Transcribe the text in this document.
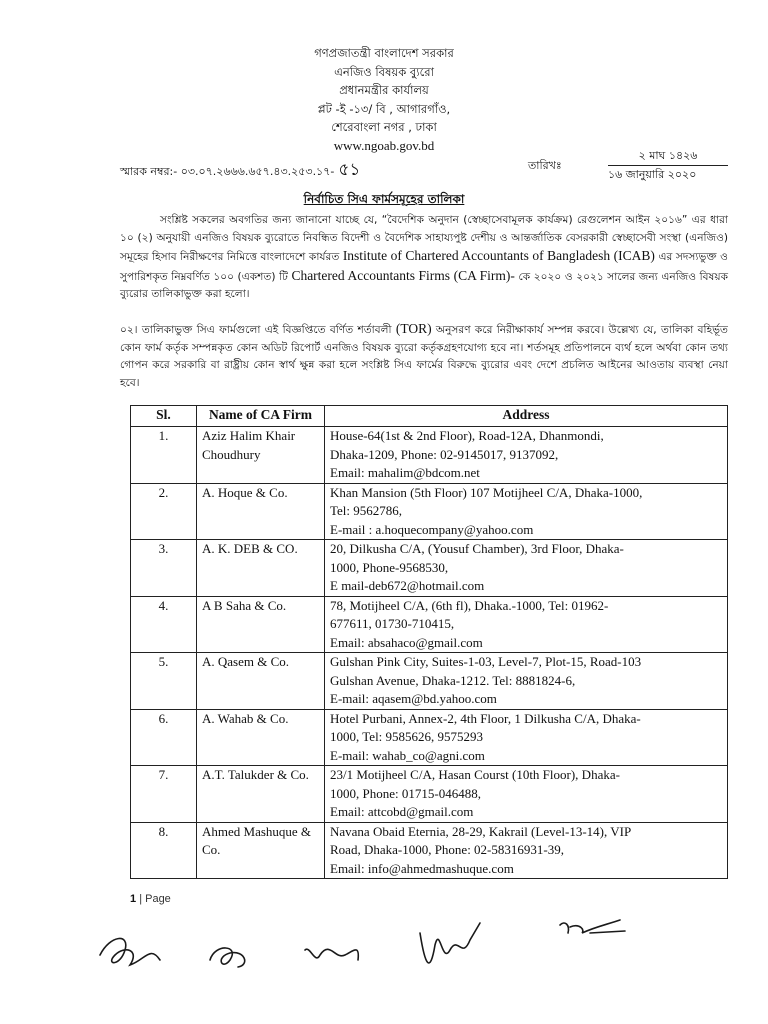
গণপ্রজাতন্ত্রী বাংলাদেশ সরকার
এনজিও বিষয়ক ব্যুরো
প্রধানমন্ত্রীর কার্যালয়
প্লট -ই -১৩/ বি , আগারগাঁও,
শেরেবাংলা নগর , ঢাকা
www.ngoab.gov.bd
স্মারক নম্বর:- ০৩.০৭.২৬৬৬.৬৫৭.৪৩.২৫৩.১৭- ৫১	তারিখঃ
২ মাঘ ১৪২৬
১৬ জানুয়ারি ২০২০
নির্বাচিত সিএ ফার্মসমূহের তালিকা

সংশ্লিষ্ট সকলের অবগতির জন্য জানানো যাচ্ছে যে, “বৈদেশিক অনুদান (স্বেচ্ছাসেবামূলক কার্যক্রম) রেগুলেশন আইন ২০১৬” এর ধারা ১০ (২) অনুযায়ী এনজিও বিষয়ক ব্যুরোতে নিবন্ধিত বিদেশী ও বৈদেশিক সাহায্যপুষ্ট দেশীয় ও আন্তর্জাতিক বেসরকারী স্বেচ্ছাসেবী সংস্থা (এনজিও) সমূহের হিসাব নিরীক্ষণের নিমিত্তে বাংলাদেশে কার্যরত Institute of Chartered Accountants of Bangladesh (ICAB) এর সদস্যভুক্ত ও সুপারিশকৃত নিম্নবর্ণিত ১০০ (একশত) টি Chartered Accountants Firms (CA Firm)- কে ২০২০ ও ২০২১ সালের জন্য এনজিও বিষয়ক ব্যুরোর তালিকাভুক্ত করা হলো।

০২। তালিকাভুক্ত সিএ ফার্মগুলো এই বিজ্ঞপ্তিতে বর্ণিত শর্তাবলী (TOR) অনুসরণ করে নিরীক্ষাকার্য সম্পন্ন করবে। উল্লেখ্য যে, তালিকা বহির্ভূত কোন ফার্ম কর্তৃক সম্পন্নকৃত কোন অডিট রিপোর্ট এনজিও বিষয়ক ব্যুরো কর্তৃকগ্রহণযোগ্য হবে না। শর্তসমূহ প্রতিপালনে ব্যর্থ হলে অর্থবা কোন তথ্য গোপন করে সরকারি বা রাষ্ট্রীয় কোন স্বার্থ ক্ষুন্ন করা হলে সংশ্লিষ্ট সিএ ফার্মের বিরুদ্ধে ব্যুরোর এবং দেশে প্রচলিত আইনের আওতায় ব্যবস্থা নেয়া হবে।

Sl.	Name of CA Firm	Address
1.	Aziz Halim Khair Choudhury	House-64(1st & 2nd Floor), Road-12A, Dhanmondi,
Dhaka-1209, Phone: 02-9145017, 9137092,
Email: mahalim@bdcom.net

2.	A. Hoque & Co.	Khan Mansion (5th Floor) 107 Motijheel C/A, Dhaka-1000,
Tel: 9562786,
E-mail : a.hoquecompany@yahoo.com

3.	A. K. DEB & CO.	20, Dilkusha C/A, (Yousuf Chamber), 3rd Floor, Dhaka-
1000, Phone-9568530,
E mail-deb672@hotmail.com

4.	A B Saha & Co.	78, Motijheel C/A, (6th fl), Dhaka.-1000, Tel: 01962-
677611, 01730-710415,
Email: absahaco@gmail.com

5.	A. Qasem & Co.	Gulshan Pink City, Suites-1-03, Level-7, Plot-15, Road-103
Gulshan Avenue, Dhaka-1212. Tel: 8881824-6,
E-mail: aqasem@bd.yahoo.com

6.	A. Wahab & Co.	Hotel Purbani, Annex-2, 4th Floor, 1 Dilkusha C/A, Dhaka-
1000, Tel: 9585626, 9575293
E-mail: wahab_co@agni.com

7.	A.T. Talukder & Co.	23/1 Motijheel C/A, Hasan Courst (10th Floor), Dhaka-
1000, Phone: 01715-046488,
Email: attcobd@gmail.com

8.	Ahmed Mashuque & Co.	Navana Obaid Eternia, 28-29, Kakrail (Level-13-14), VIP
Road, Dhaka-1000, Phone: 02-58316931-39,
Email: info@ahmedmashuque.com
1 | Page
